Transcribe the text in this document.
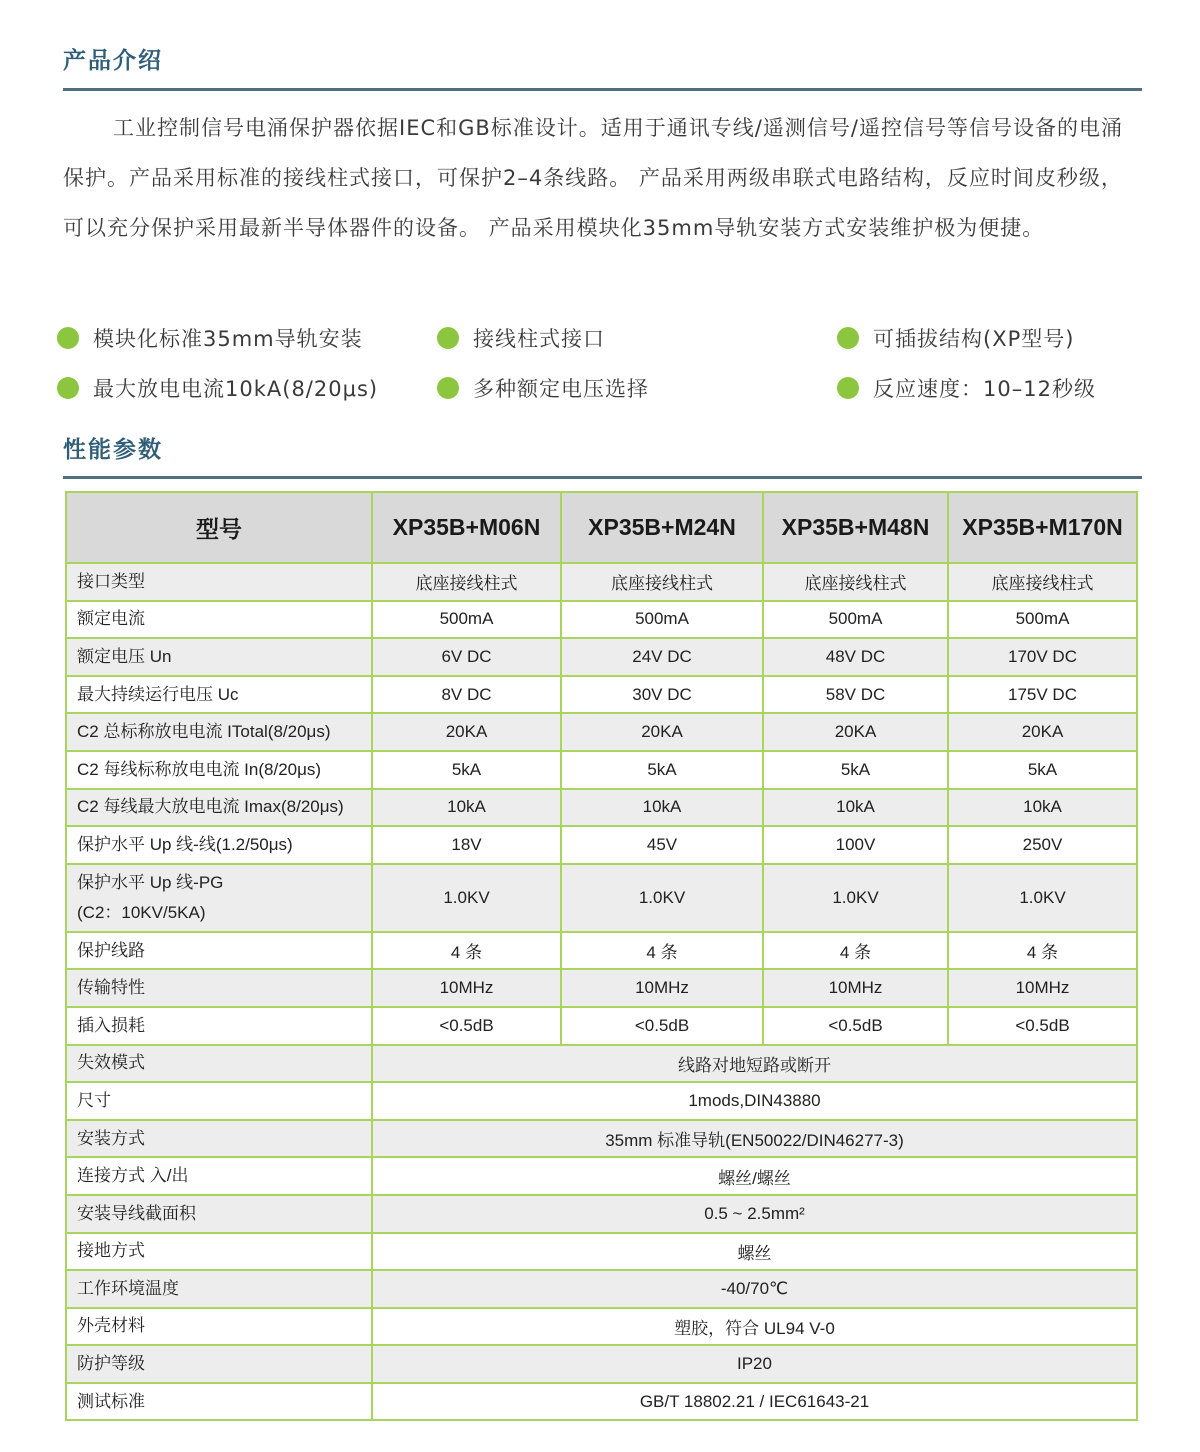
产品介绍

工业控制信号电涌保护器依据IEC和GB标准设计。适用于通讯专线/遥测信号/遥控信号等信号设备的电涌保护。产品采用标准的接线柱式接口，可保护2–4条线路。 产品采用两级串联式电路结构，反应时间皮秒级，可以充分保护采用最新半导体器件的设备。 产品采用模块化35mm导轨安装方式安装维护极为便捷。

模块化标准35mm导轨安装	接线柱式接口	可插拔结构(XP型号)
最大放电电流10kA(8/20μs)	多种额定电压选择	反应速度：10–12秒级
性能参数
型号	XP35B+M06N	XP35B+M24N	XP35B+M48N	XP35B+M170N
接口类型	底座接线柱式	底座接线柱式	底座接线柱式	底座接线柱式
额定电流	500mA	500mA	500mA	500mA
额定电压 Un	6V DC	24V DC	48V DC	170V DC
最大持续运行电压 Uc	8V DC	30V DC	58V DC	175V DC
C2 总标称放电电流 ITotal(8/20μs)	20KA	20KA	20KA	20KA
C2 每线标称放电电流 In(8/20μs)	5kA	5kA	5kA	5kA
C2 每线最大放电电流 Imax(8/20μs)	10kA	10kA	10kA	10kA
保护水平 Up 线-线(1.2/50μs)	18V	45V	100V	250V

保护水平 Up 线-PG
(C2：10KV/5KA)	1.0KV	1.0KV	1.0KV	1.0KV
保护线路	4 条	4 条	4 条	4 条
传输特性	10MHz	10MHz	10MHz	10MHz
插入损耗	<0.5dB	<0.5dB	<0.5dB	<0.5dB
失效模式	线路对地短路或断开			
尺寸	1mods,DIN43880			
安装方式	35mm 标准导轨(EN50022/DIN46277-3)			
连接方式 入/出	螺丝/螺丝			
安装导线截面积	0.5 ~ 2.5mm²			
接地方式	螺丝			
工作环境温度	-40/70℃			
外壳材料	塑胶，符合 UL94 V-0			
防护等级	IP20			
测试标准	GB/T 18802.21 / IEC61643-21			
